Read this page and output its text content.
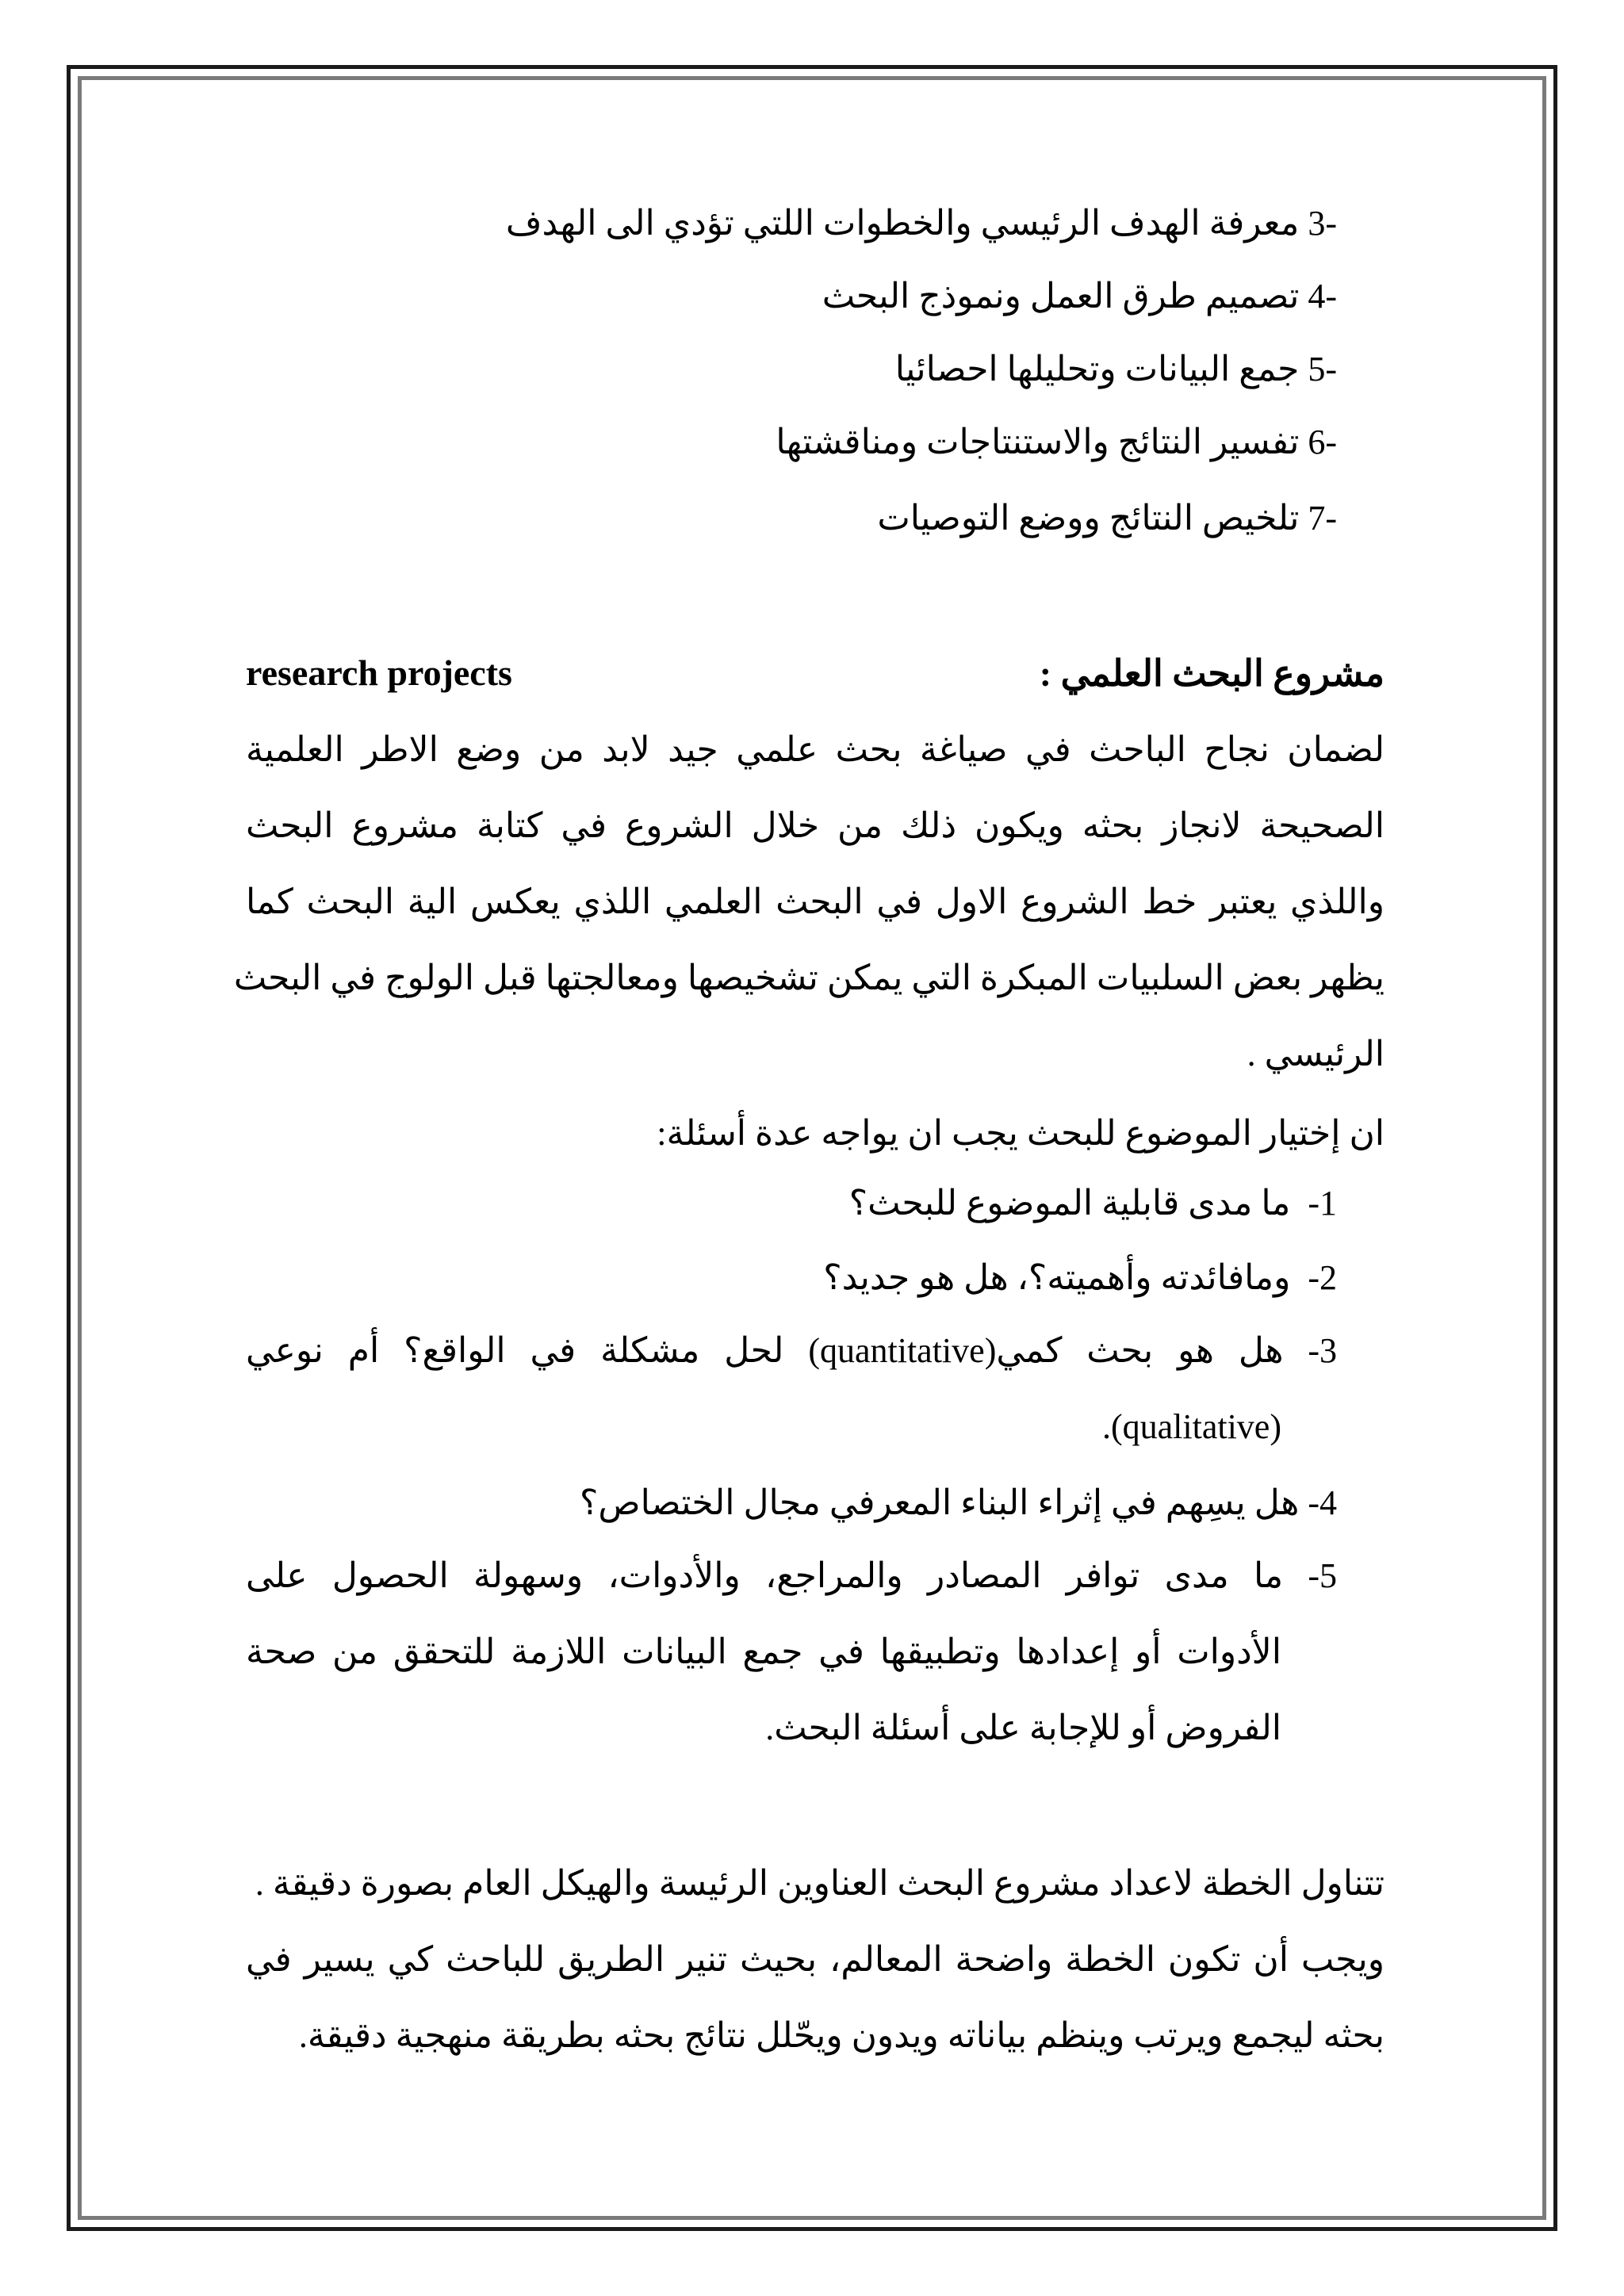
3- معرفة الهدف الرئيسي والخطوات اللتي تؤدي الى الهدف
4- تصميم طرق العمل ونموذج البحث
5- جمع البيانات وتحليلها احصائيا
6- تفسير النتائج والاستنتاجات ومناقشتها
7- تلخيص النتائج ووضع التوصيات
مشروع البحث العلمي :
research projects
لضمان نجاح الباحث في صياغة بحث علمي جيد لابد من وضع الاطر العلمية
الصحيحة لانجاز بحثه ويكون ذلك من خلال الشروع في كتابة مشروع البحث
واللذي يعتبر خط الشروع الاول في البحث العلمي اللذي يعكس الية البحث كما
يظهر بعض السلبيات المبكرة التي يمكن تشخيصها ومعالجتها قبل الولوج في البحث
الرئيسي .
ان إختيار الموضوع للبحث يجب ان يواجه عدة أسئلة:
1-  ما مدى قابلية الموضوع للبحث؟
2-  ومافائدته وأهميته؟، هل هو جديد؟
3- هل هو بحث كمي(quantitative) لحل مشكلة في الواقع؟ أم نوعي
(qualitative).
4- هل يسِهم في إثراء البناء المعرفي مجال الختصاص؟
5- ما مدى توافر المصادر والمراجع، والأدوات، وسهولة الحصول على
الأدوات أو إعدادها وتطبيقها في جمع البيانات اللازمة للتحقق من صحة
الفروض أو للإجابة على أسئلة البحث.
تتناول الخطة لاعداد مشروع البحث العناوين الرئيسة والهيكل العام بصورة دقيقة .
ويجب أن تكون الخطة واضحة المعالم، بحيث تنير الطريق للباحث كي يسير في
بحثه ليجمع ويرتب وينظم بياناته ويدون ويحّلل نتائج بحثه بطريقة منهجية دقيقة.
